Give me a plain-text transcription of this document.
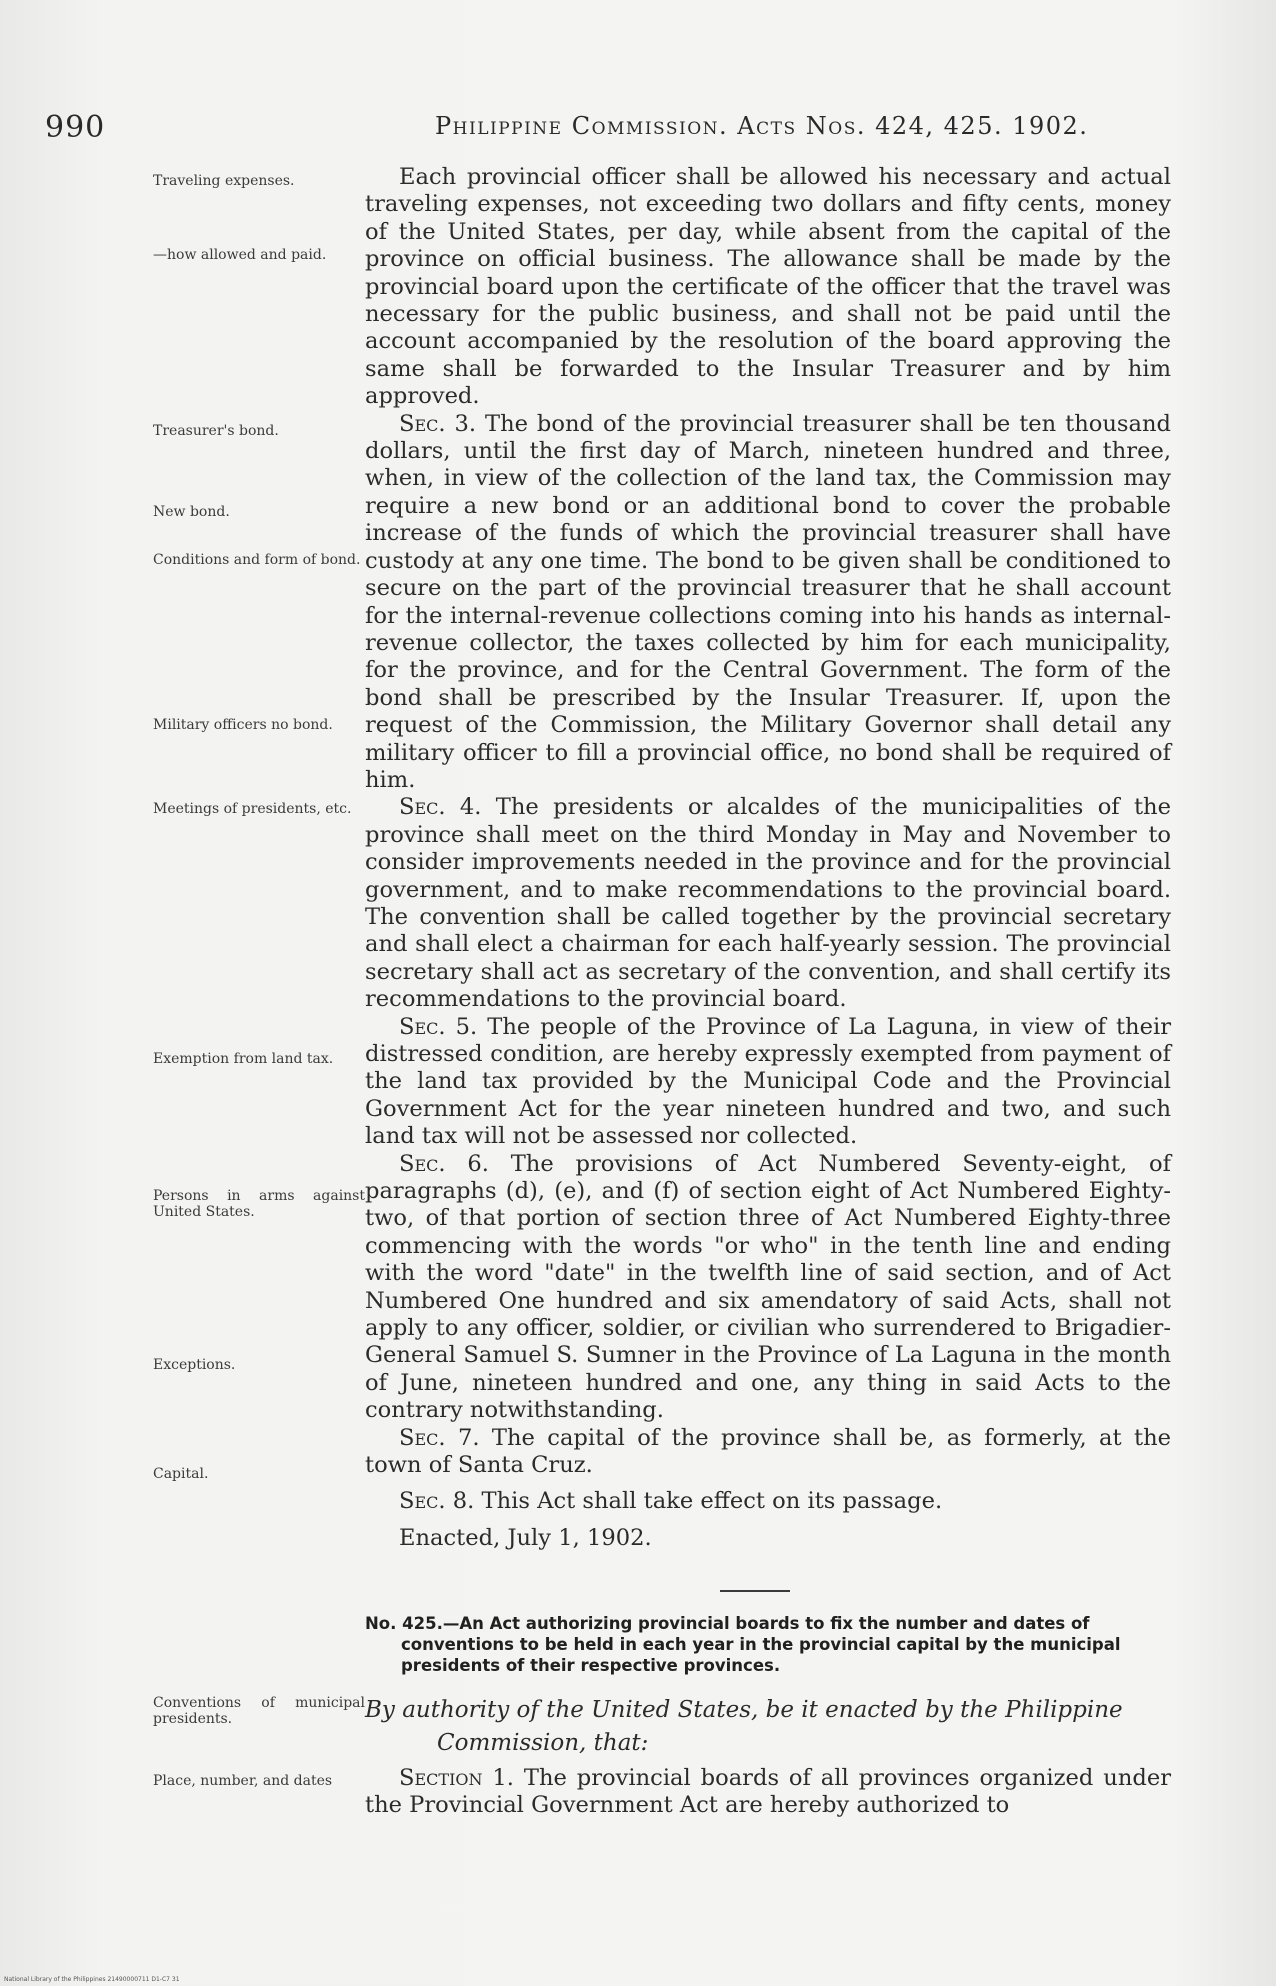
990	Philippine Commission. Acts Nos. 424, 425. 1902.
Traveling expenses.
—how allowed and paid.
Treasurer's bond.
New bond.
Conditions and form of bond.
Military officers no bond.
Meetings of presidents, etc.
Exemption from land tax.
Persons in arms against United States.
Exceptions.
Capital.
Conventions of municipal presidents.
Place, number, and dates

Each provincial officer shall be allowed his necessary and actual traveling expenses, not exceeding two dollars and fifty cents, money of the United States, per day, while absent from the capital of the province on official business. The allowance shall be made by the provincial board upon the certificate of the officer that the travel was necessary for the public business, and shall not be paid until the account accompanied by the resolution of the board approving the same shall be forwarded to the Insular Treasurer and by him approved.

Sec. 3. The bond of the provincial treasurer shall be ten thousand dollars, until the first day of March, nineteen hundred and three, when, in view of the collection of the land tax, the Commission may require a new bond or an additional bond to cover the probable increase of the funds of which the provincial treasurer shall have custody at any one time. The bond to be given shall be conditioned to secure on the part of the provincial treasurer that he shall account for the internal-revenue collections coming into his hands as internal-revenue collector, the taxes collected by him for each municipality, for the province, and for the Central Government. The form of the bond shall be prescribed by the Insular Treasurer. If, upon the request of the Commission, the Military Governor shall detail any military officer to fill a provincial office, no bond shall be required of him.

Sec. 4. The presidents or alcaldes of the municipalities of the province shall meet on the third Monday in May and November to consider improvements needed in the province and for the provincial government, and to make recommendations to the provincial board. The convention shall be called together by the provincial secretary and shall elect a chairman for each half-yearly session. The provincial secretary shall act as secretary of the convention, and shall certify its recommendations to the provincial board.

Sec. 5. The people of the Province of La Laguna, in view of their distressed condition, are hereby expressly exempted from payment of the land tax provided by the Municipal Code and the Provincial Government Act for the year nineteen hundred and two, and such land tax will not be assessed nor collected.

Sec. 6. The provisions of Act Numbered Seventy-eight, of paragraphs (d), (e), and (f) of section eight of Act Numbered Eighty-two, of that portion of section three of Act Numbered Eighty-three commencing with the words "or who" in the tenth line and ending with the word "date" in the twelfth line of said section, and of Act Numbered One hundred and six amendatory of said Acts, shall not apply to any officer, soldier, or civilian who surrendered to Brigadier-General Samuel S. Sumner in the Province of La Laguna in the month of June, nineteen hundred and one, any thing in said Acts to the contrary notwithstanding.

Sec. 7. The capital of the province shall be, as formerly, at the town of Santa Cruz.

Sec. 8. This Act shall take effect on its passage.

Enacted, July 1, 1902.

No. 425.—An Act authorizing provincial boards to fix the number and dates of conventions to be held in each year in the provincial capital by the municipal presidents of their respective provinces.
By authority of the United States, be it enacted by the Philippine
Commission, that:

Section 1. The provincial boards of all provinces organized under the Provincial Government Act are hereby authorized to

National Library of the Philippines 21490000711 D1-C7 31
